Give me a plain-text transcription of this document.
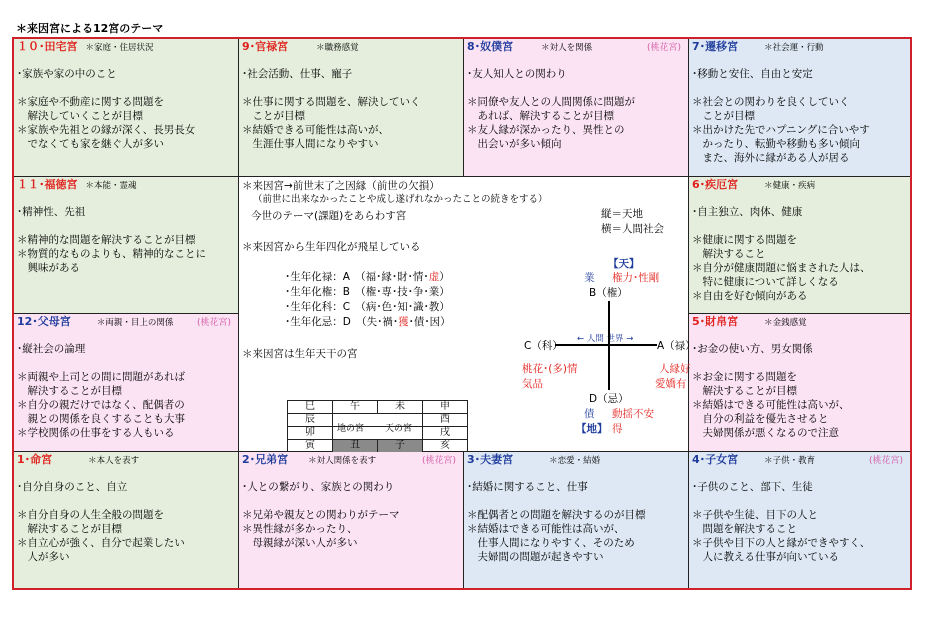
＊来因宮による12宮のテーマ
１０･田宅宮 ＊家庭・住居状況
･家族や家の中のこと
＊家庭や不動産に関する問題を
　解決していくことが目標
＊家族や先祖との縁が深く、長男長女
　でなくても家を継ぐ人が多い
9･官禄宮	＊職務感覚
･社会活動、仕事、寵子
＊仕事に関する問題を、解決していく
　ことが目標
＊結婚できる可能性は高いが、
　生涯仕事人間になりやすい
8･奴僕宮	＊対人を関係	(桃花宮)
･友人知人との関わり
＊同僚や友人との人間関係に問題が
　あれば、解決することが目標
＊友人縁が深かったり、異性との
　出会いが多い傾向
7･遷移宮	＊社会運・行動
･移動と安住、自由と安定
＊社会との関わりを良くしていく
　ことが目標
＊出かけた先でハプニングに合いやす
　かったり、転勤や移動も多い傾向
　また、海外に縁がある人が居る
１１･福徳宮 ＊本能・霊魂
･精神性、先祖
＊精神的な問題を解決することが目標
＊物質的なものよりも、精神的なことに
　興味がある
6･疾厄宮	＊健康・疾病
･自主独立、肉体、健康
＊健康に関する問題を
　解決すること
＊自分が健康問題に悩まされた人は、
　特に健康について詳しくなる
＊自由を好む傾向がある
12･父母宮	＊両親・目上の関係	(桃花宮)
･縦社会の論理
＊両親や上司との間に問題があれば
　解決することが目標
＊自分の親だけではなく、配偶者の
　親との関係を良くすることも大事
＊学校関係の仕事をする人もいる
5･財帛宮	＊金銭感覚
･お金の使い方、男女関係
＊お金に関する問題を
　解決することが目標
＊結婚はできる可能性は高いが、
　自分の利益を優先させると
　夫婦関係が悪くなるので注意
＊来因宮→前世末了之因縁（前世の欠損）
（前世に出来なかったことや成し遂げれなかったことの続きをする）
今世のテーマ(課題)をあらわす宮	縦＝天地
横＝人間社会
＊来因宮から生年四化が飛星している
･生年化禄：A　（福･縁･財･情･虚）
･生年化権：B　（権･専･技･争･業）
･生年化科：C　（病･色･知･識･教）
･生年化忌：D　（失･禍･獲･債･因）
＊来因宮は生年天干の宮
地の宮 天の宮
【天】
業 権力･性剛
B（権）
C（科）	A（禄）
← 人間 世界 →
桃花･(多)情
気品
人縁好
愛嬌有
D（忌）
債 動揺不安
【地】 得
巳	午	未	申
辰			酉
卯			戌
寅	丑	子	亥
1･命宮	＊本人を表す
･自分自身のこと、自立
＊自分自身の人生全般の問題を
　解決することが目標
＊自立心が強く、自分で起業したい
　人が多い
2･兄弟宮 ＊対人関係を表す	(桃花宮)
･人との繋がり、家族との関わり
＊兄弟や親友との関わりがテーマ
＊異性縁が多かったり、
　母親縁が深い人が多い
3･夫妻宮	＊恋愛・結婚
･結婚に関すること、仕事
＊配偶者との問題を解決するのが目標
＊結婚はできる可能性は高いが、
　仕事人間になりやすく、そのため
　夫婦間の問題が起きやすい
4･子女宮	＊子供・教育	(桃花宮)
･子供のこと、部下、生徒
＊子供や生徒、目下の人と
　問題を解決すること
＊子供や目下の人と縁ができやすく、
　人に教える仕事が向いている
